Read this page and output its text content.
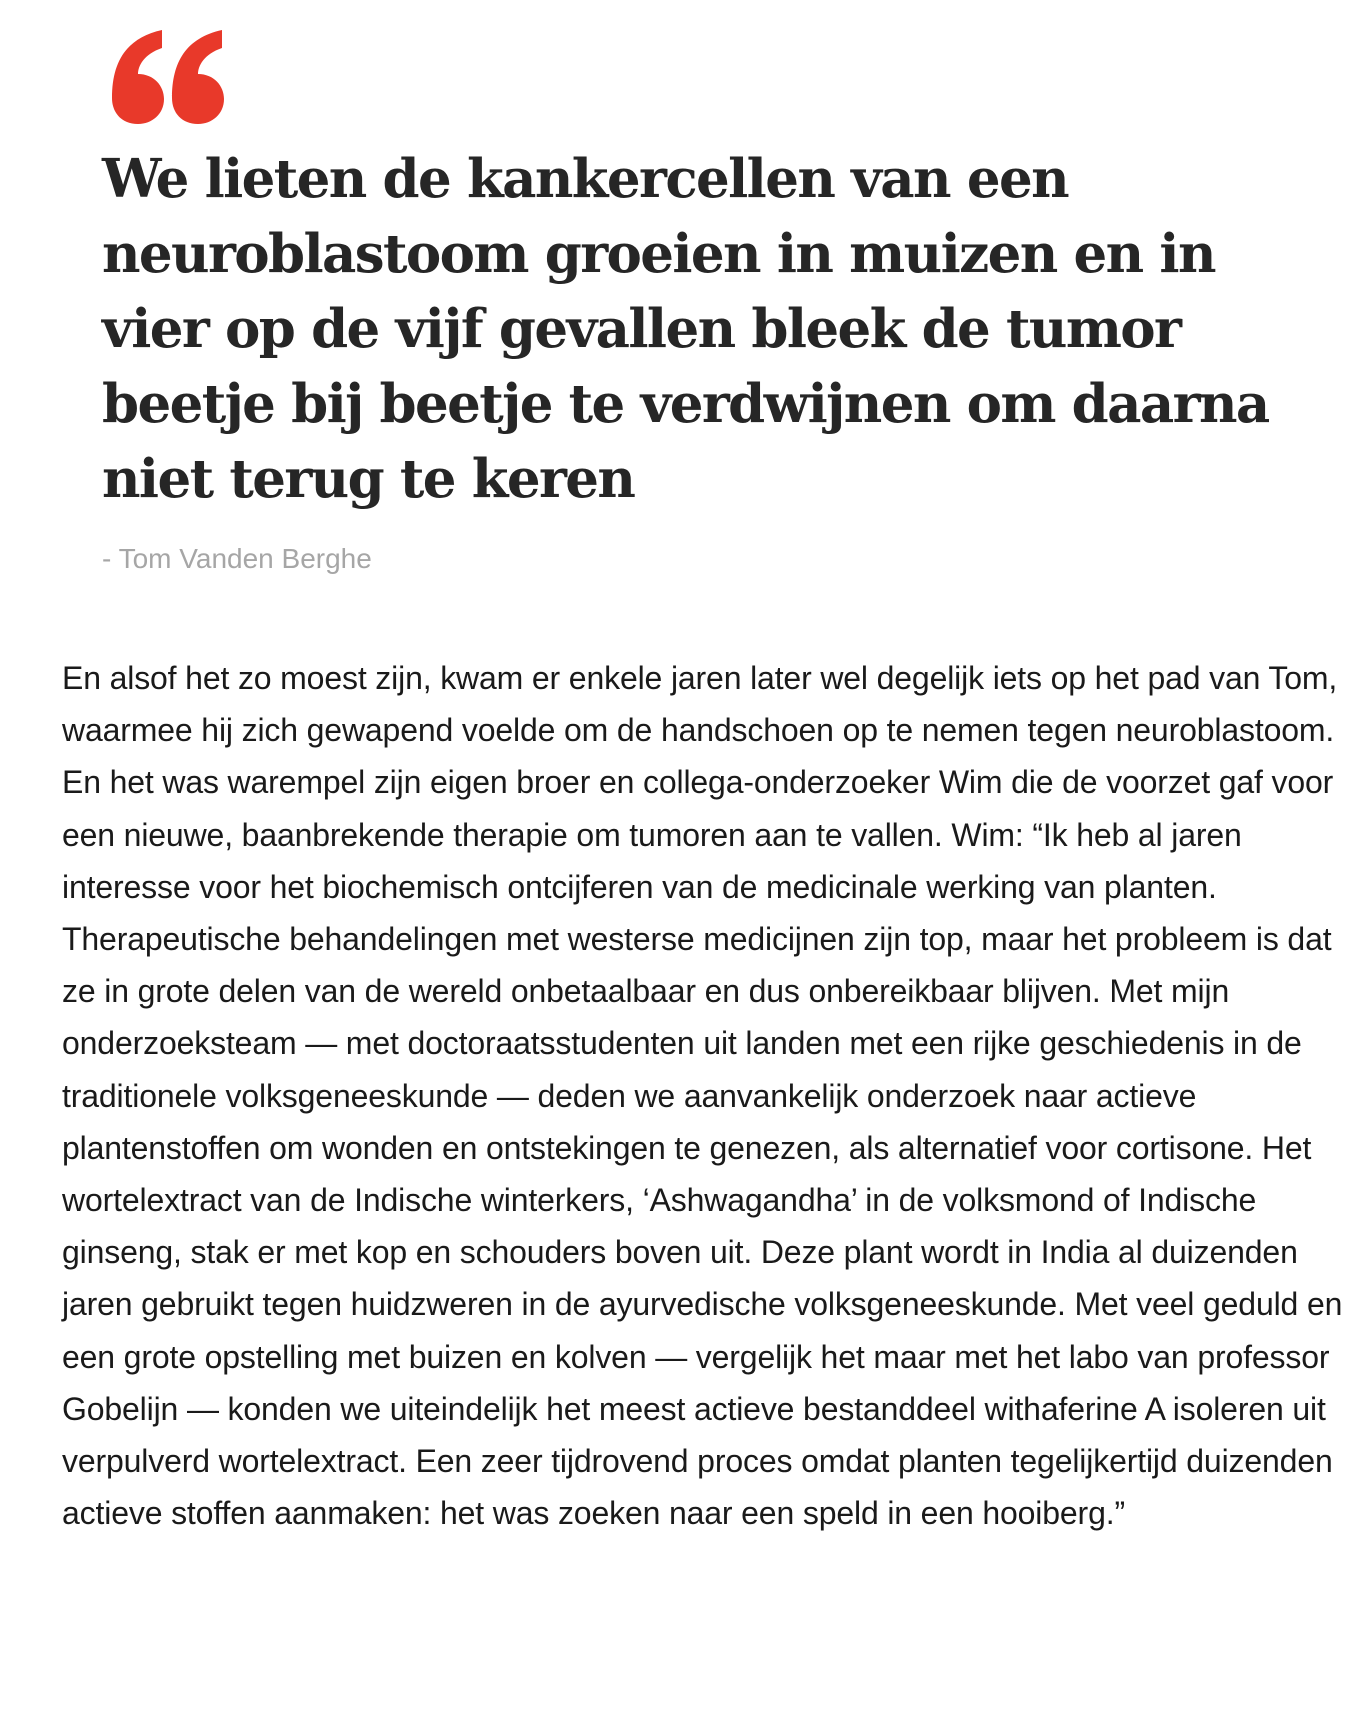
We lieten de kankercellen van een neuroblastoom groeien in muizen en in vier op de vijf gevallen bleek de tumor beetje bij beetje te verdwijnen om daarna niet terug te keren

- Tom Vanden Berghe

En alsof het zo moest zijn, kwam er enkele jaren later wel degelijk iets op het pad van Tom, waarmee hij zich gewapend voelde om de handschoen op te nemen tegen neuroblastoom. En het was warempel zijn eigen broer en collega-onderzoeker Wim die de voorzet gaf voor een nieuwe, baanbrekende therapie om tumoren aan te vallen. Wim: “Ik heb al jaren interesse voor het biochemisch ontcijferen van de medicinale werking van planten. Therapeutische behandelingen met westerse medicijnen zijn top, maar het probleem is dat ze in grote delen van de wereld onbetaalbaar en dus onbereikbaar blijven. Met mijn onderzoeksteam — met doctoraatsstudenten uit landen met een rijke geschiedenis in de traditionele volksgeneeskunde — deden we aanvankelijk onderzoek naar actieve plantenstoffen om wonden en ontstekingen te genezen, als alternatief voor cortisone. Het wortelextract van de Indische winterkers, ‘Ashwagandha’ in de volksmond of Indische ginseng, stak er met kop en schouders boven uit. Deze plant wordt in India al duizenden jaren gebruikt tegen huidzweren in de ayurvedische volksgeneeskunde. Met veel geduld en een grote opstelling met buizen en kolven — vergelijk het maar met het labo van professor Gobelijn — konden we uiteindelijk het meest actieve bestanddeel withaferine A isoleren uit verpulverd wortelextract. Een zeer tijdrovend proces omdat planten tegelijkertijd duizenden actieve stoffen aanmaken: het was zoeken naar een speld in een hooiberg.”
